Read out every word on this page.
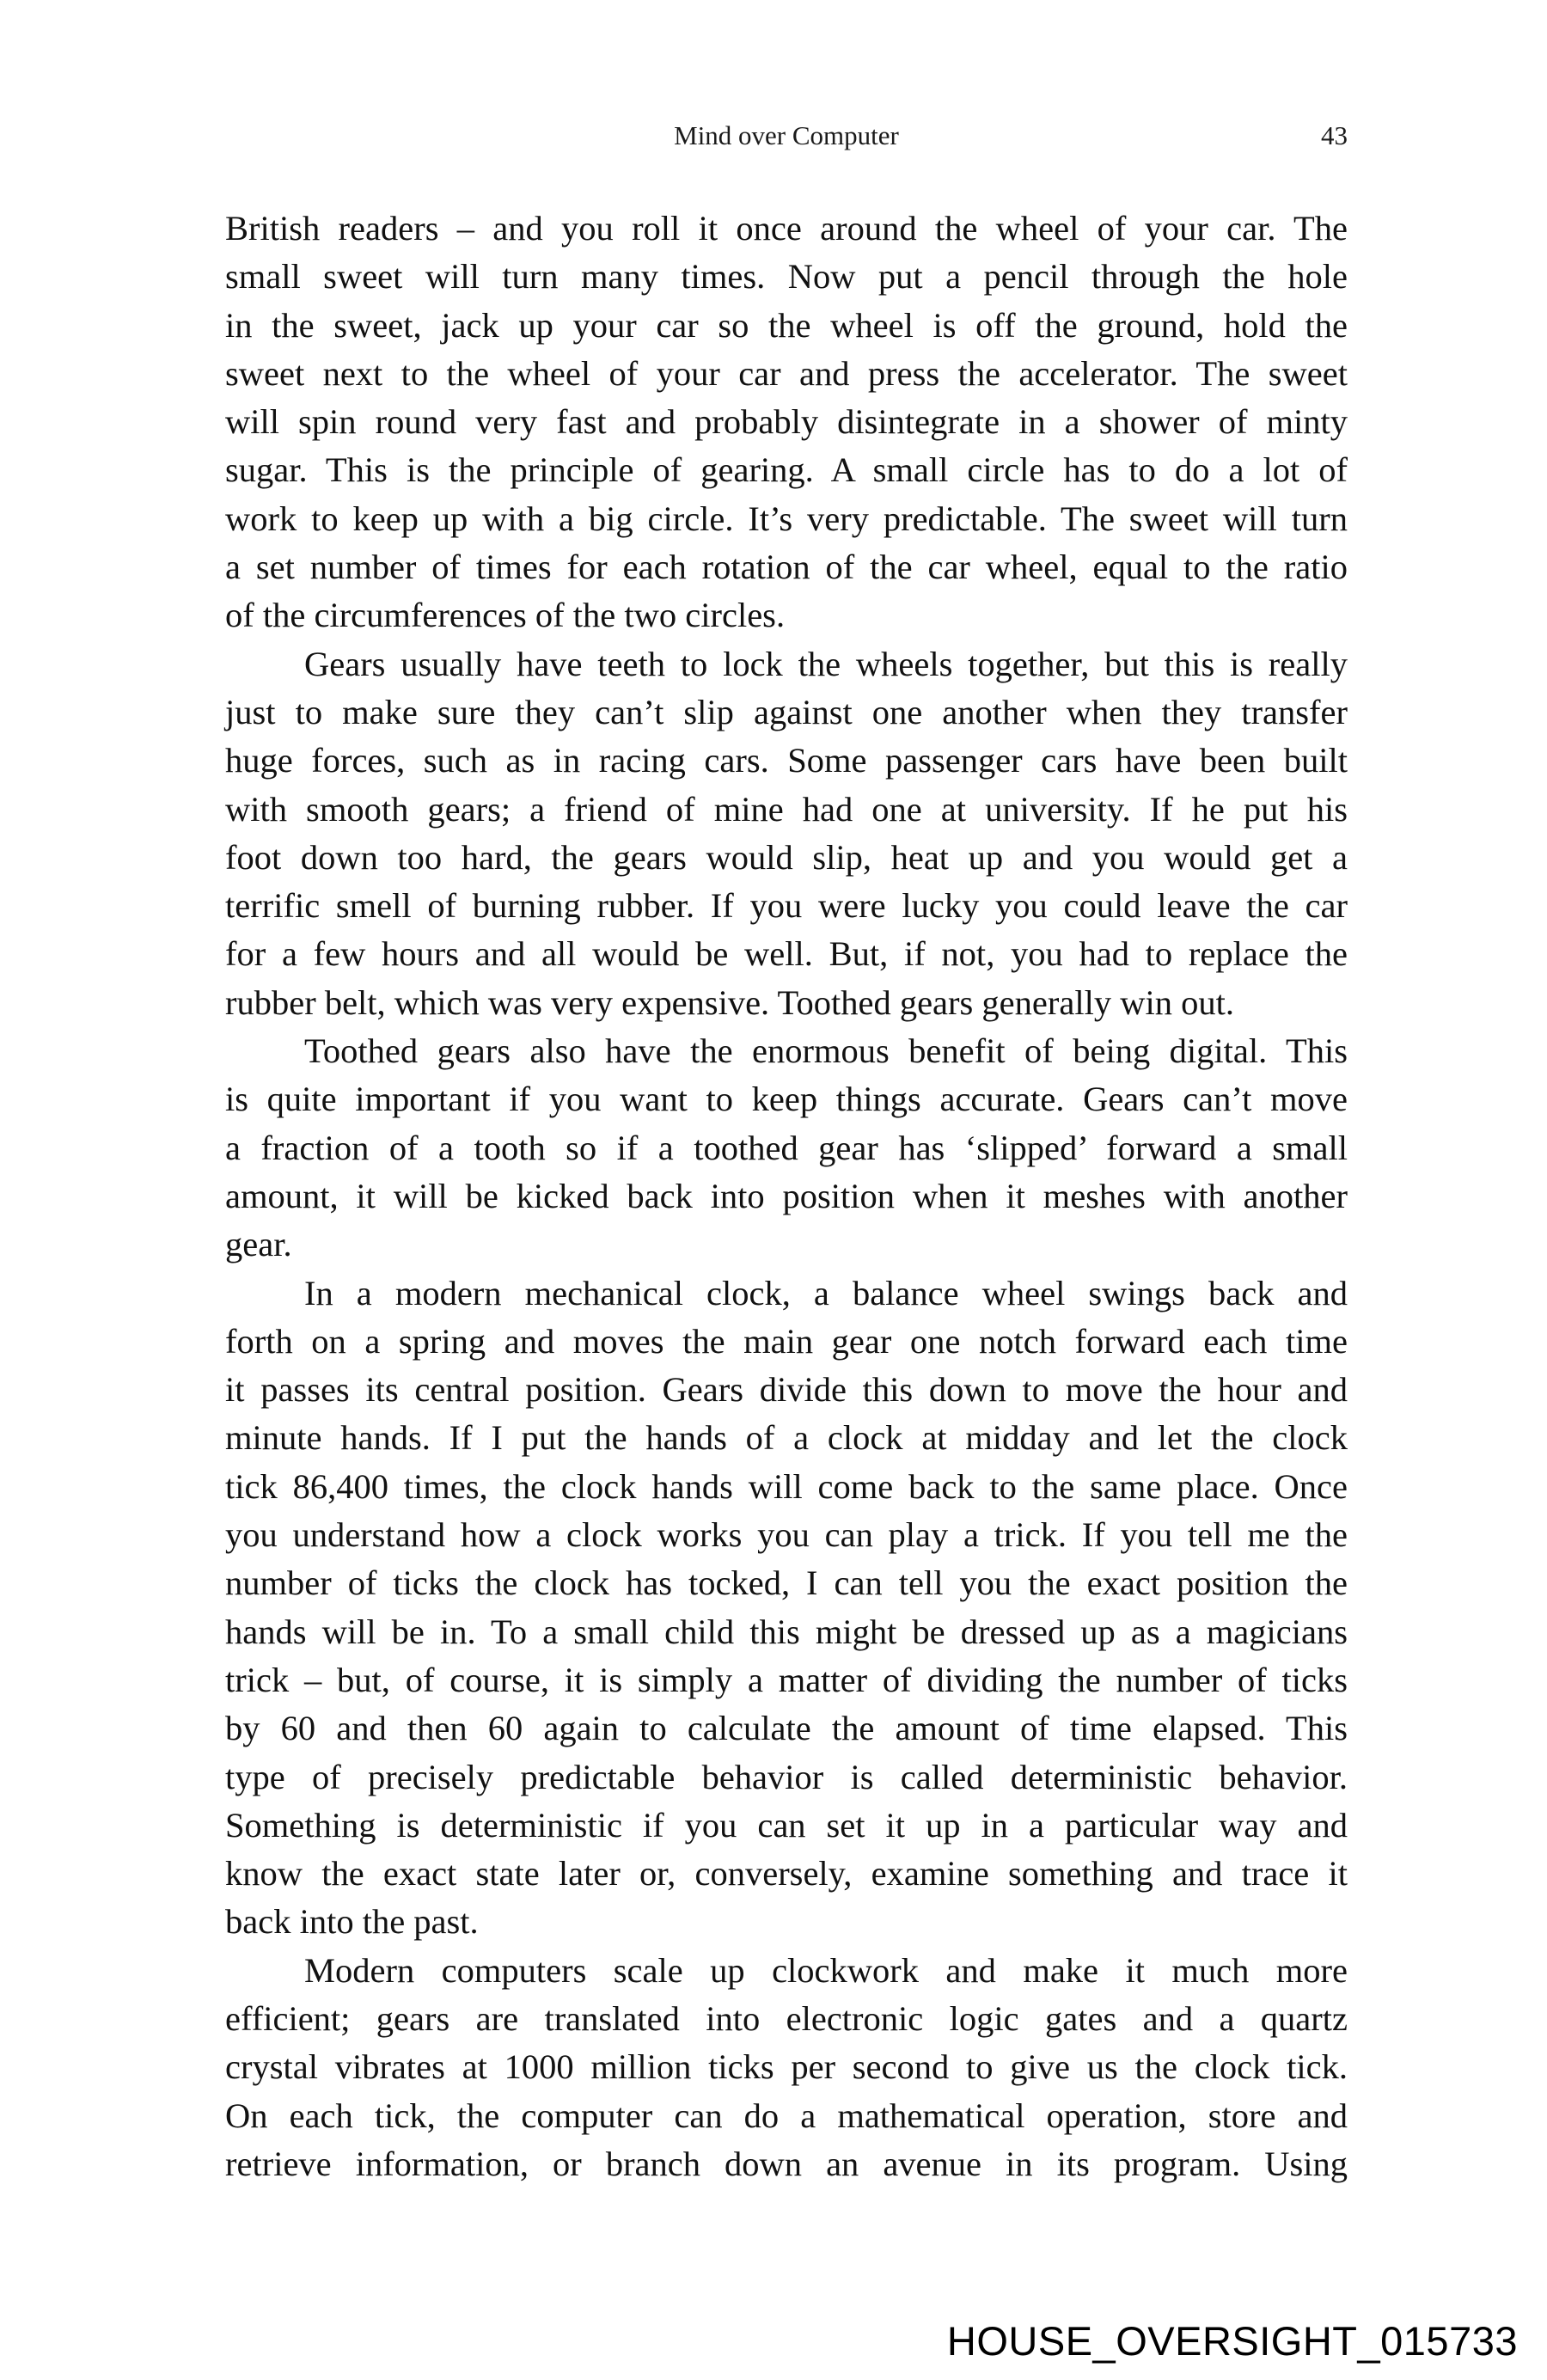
Mind over Computer	43

British readers – and you roll it once around the wheel of your car. The
small sweet will turn many times. Now put a pencil through the hole
in the sweet, jack up your car so the wheel is off the ground, hold the
sweet next to the wheel of your car and press the accelerator. The sweet
will spin round very fast and probably disintegrate in a shower of minty
sugar. This is the principle of gearing. A small circle has to do a lot of
work to keep up with a big circle. It’s very predictable. The sweet will turn
a set number of times for each rotation of the car wheel, equal to the ratio
of the circumferences of the two circles.

Gears usually have teeth to lock the wheels together, but this is really
just to make sure they can’t slip against one another when they transfer
huge forces, such as in racing cars. Some passenger cars have been built
with smooth gears; a friend of mine had one at university. If he put his
foot down too hard, the gears would slip, heat up and you would get a
terrific smell of burning rubber. If you were lucky you could leave the car
for a few hours and all would be well. But, if not, you had to replace the
rubber belt, which was very expensive. Toothed gears generally win out.

Toothed gears also have the enormous benefit of being digital. This
is quite important if you want to keep things accurate. Gears can’t move
a fraction of a tooth so if a toothed gear has ‘slipped’ forward a small
amount, it will be kicked back into position when it meshes with another
gear.

In a modern mechanical clock, a balance wheel swings back and
forth on a spring and moves the main gear one notch forward each time
it passes its central position. Gears divide this down to move the hour and
minute hands. If I put the hands of a clock at midday and let the clock
tick 86,400 times, the clock hands will come back to the same place. Once
you understand how a clock works you can play a trick. If you tell me the
number of ticks the clock has tocked, I can tell you the exact position the
hands will be in. To a small child this might be dressed up as a magicians
trick – but, of course, it is simply a matter of dividing the number of ticks
by 60 and then 60 again to calculate the amount of time elapsed. This
type of precisely predictable behavior is called deterministic behavior.
Something is deterministic if you can set it up in a particular way and
know the exact state later or, conversely, examine something and trace it
back into the past.

Modern computers scale up clockwork and make it much more
efficient; gears are translated into electronic logic gates and a quartz
crystal vibrates at 1000 million ticks per second to give us the clock tick.
On each tick, the computer can do a mathematical operation, store and
retrieve information, or branch down an avenue in its program. Using

HOUSE_OVERSIGHT_015733
